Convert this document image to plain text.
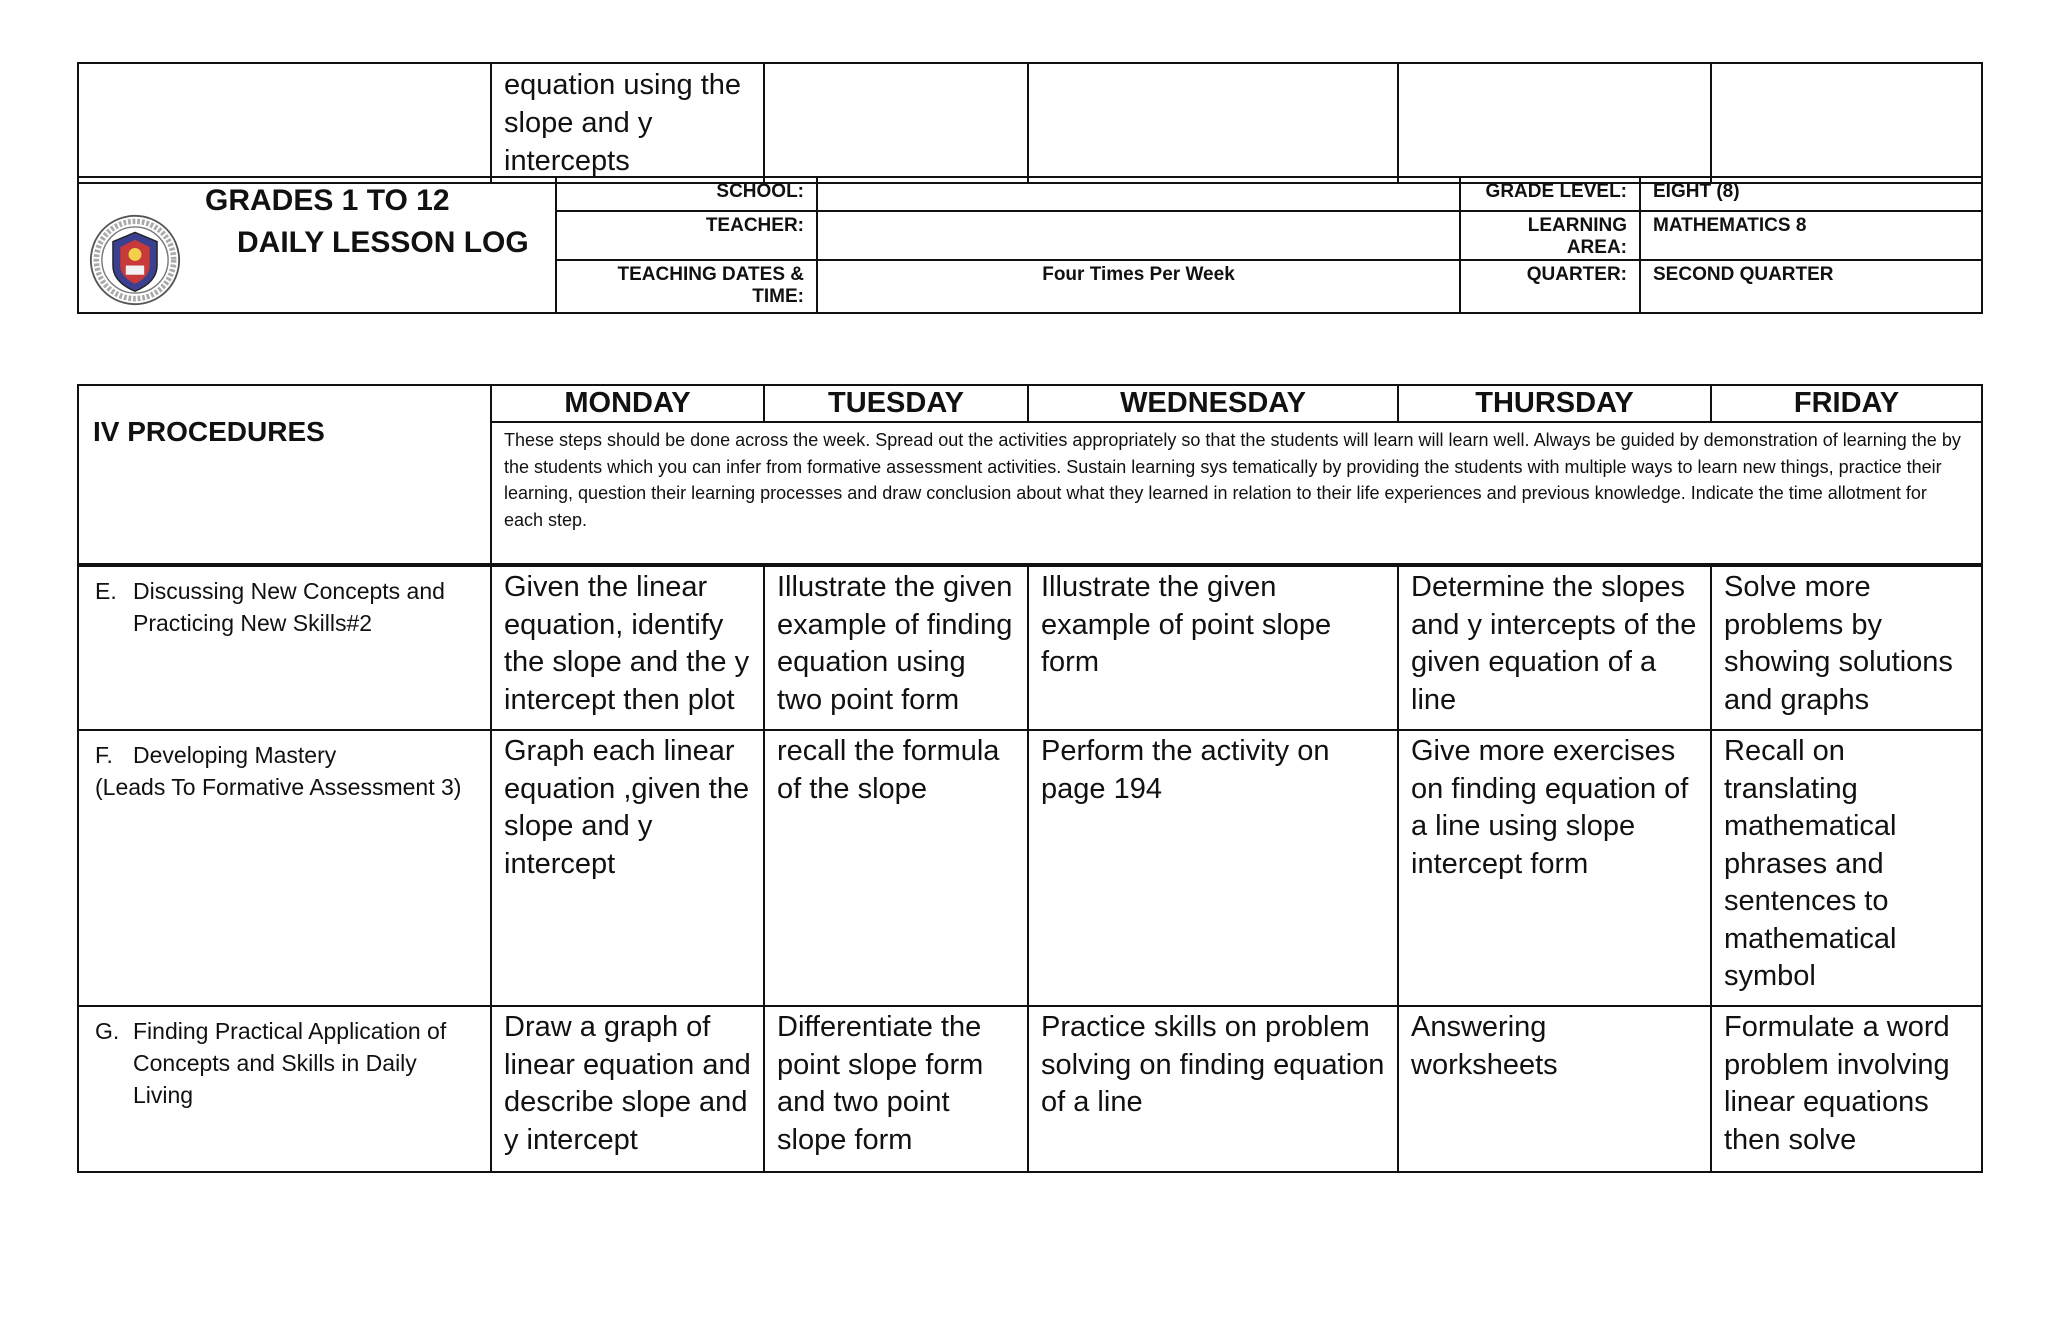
	equation using the slope and y intercepts				
GRADES 1 TO 12
DAILY LESSON LOG	SCHOOL:		GRADE LEVEL:	EIGHT (8)
	TEACHER:		LEARNING AREA:	MATHEMATICS 8

	TEACHING DATES &
TIME:	Four Times Per Week	QUARTER:	SECOND QUARTER
IV PROCEDURES	MONDAY	TUESDAY	WEDNESDAY	THURSDAY	FRIDAY
	These steps should be done across the week. Spread out the activities appropriately so that the students will learn will learn well. Always be guided by demonstration of learning the by the students which you can infer from formative assessment activities. Sustain learning sys tematically by providing the students with multiple ways to learn new things, practice their learning, question their learning processes and draw conclusion about what they learned in relation to their life experiences and previous knowledge. Indicate the time allotment for each step.				
E. Discussing New Concepts and
Practicing New Skills#2	Given the linear equation, identify the slope and the y intercept then plot	Illustrate the given example of finding equation using two point form	Illustrate the given example of point slope form	Determine the slopes and y intercepts of the given equation of a line	Solve more problems by showing solutions and graphs
F. Developing Mastery
(Leads To Formative Assessment 3)	Graph each linear equation ,given the slope and y intercept	recall the formula of the slope	Perform the activity on page 194	Give more exercises on finding equation of a line using slope intercept form	Recall on translating mathematical phrases and sentences to mathematical symbol
G. Finding Practical Application of
Concepts and Skills in Daily Living	Draw a graph of linear equation and describe slope and y intercept	Differentiate the point slope form and two point slope form	Practice skills on problem solving on finding equation of a line	Answering worksheets	Formulate a word problem involving linear equations then solve
